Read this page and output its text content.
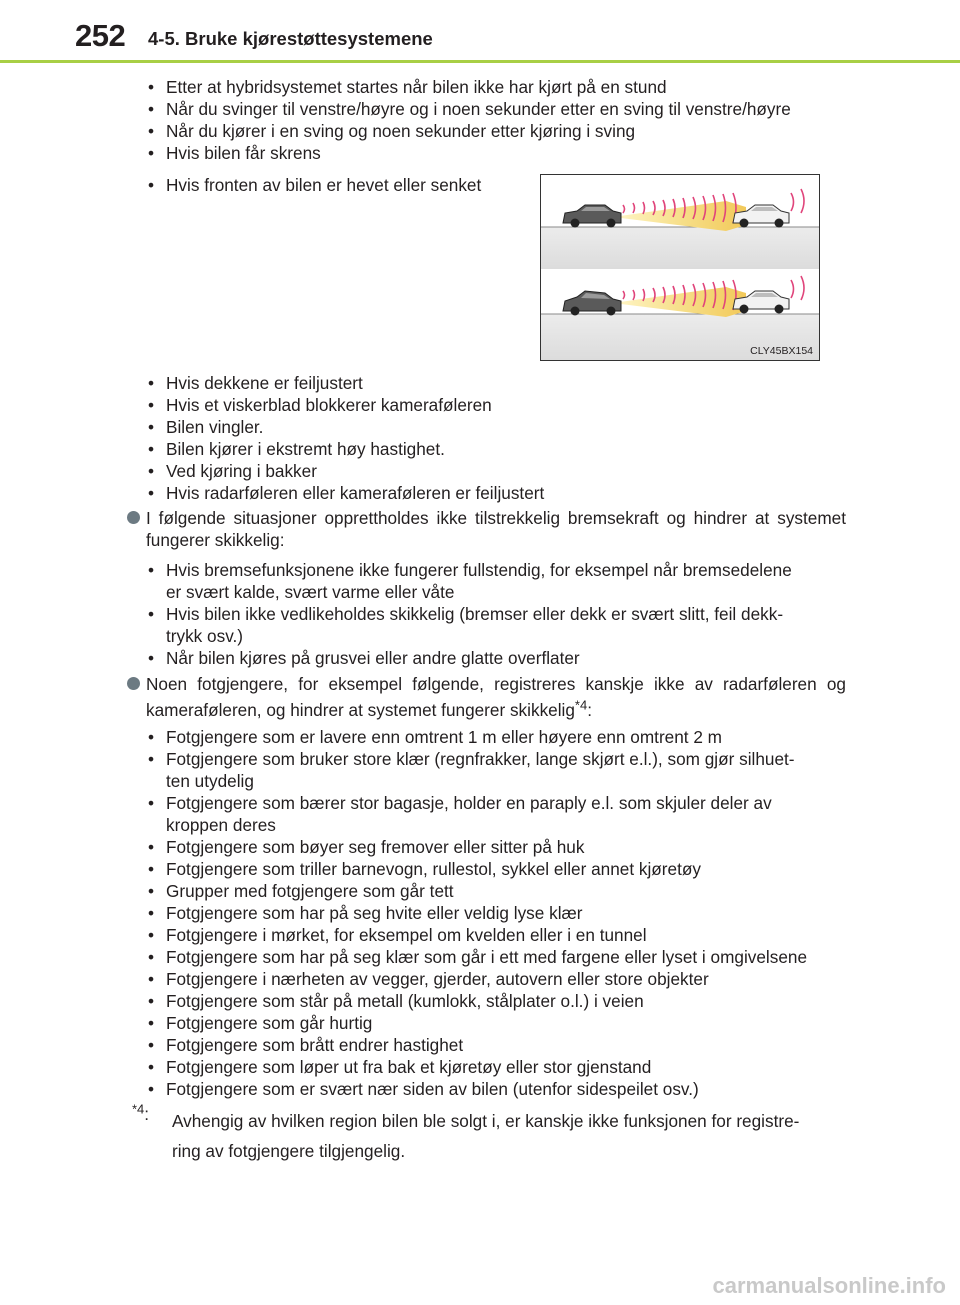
252 4-5. Bruke kjørestøttesystemene
• Etter at hybridsystemet startes når bilen ikke har kjørt på en stund
• Når du svinger til venstre/høyre og i noen sekunder etter en sving til venstre/høyre
• Når du kjører i en sving og noen sekunder etter kjøring i sving
• Hvis bilen får skrens
• Hvis fronten av bilen er hevet eller senket
CLY45BX154
• Hvis dekkene er feiljustert
• Hvis et viskerblad blokkerer kameraføleren
• Bilen vingler.
• Bilen kjører i ekstremt høy hastighet.
• Ved kjøring i bakker
• Hvis radarføleren eller kameraføleren er feiljustert
I følgende situasjoner opprettholdes ikke tilstrekkelig bremsekraft og hindrer at systemet fungerer skikkelig:
• Hvis bremsefunksjonene ikke fungerer fullstendig, for eksempel når bremsedelene
er svært kalde, svært varme eller våte
• Hvis bilen ikke vedlikeholdes skikkelig (bremser eller dekk er svært slitt, feil dekk-
trykk osv.)
• Når bilen kjøres på grusvei eller andre glatte overflater
Noen fotgjengere, for eksempel følgende, registreres kanskje ikke av radarføleren og kameraføleren, og hindrer at systemet fungerer skikkelig$^{*4}$:
• Fotgjengere som er lavere enn omtrent 1 m eller høyere enn omtrent 2 m
• Fotgjengere som bruker store klær (regnfrakker, lange skjørt e.l.), som gjør silhuet-
ten utydelig
• Fotgjengere som bærer stor bagasje, holder en paraply e.l. som skjuler deler av
kroppen deres
• Fotgjengere som bøyer seg fremover eller sitter på huk
• Fotgjengere som triller barnevogn, rullestol, sykkel eller annet kjøretøy
• Grupper med fotgjengere som går tett
• Fotgjengere som har på seg hvite eller veldig lyse klær
• Fotgjengere i mørket, for eksempel om kvelden eller i en tunnel
• Fotgjengere som har på seg klær som går i ett med fargene eller lyset i omgivelsene
• Fotgjengere i nærheten av vegger, gjerder, autovern eller store objekter
• Fotgjengere som står på metall (kumlokk, stålplater o.l.) i veien
• Fotgjengere som går hurtig
• Fotgjengere som brått endrer hastighet
• Fotgjengere som løper ut fra bak et kjøretøy eller stor gjenstand
• Fotgjengere som er svært nær siden av bilen (utenfor sidespeilet osv.)
$^{*4}$: Avhengig av hvilken region bilen ble solgt i, er kanskje ikke funksjonen for registre-
ring av fotgjengere tilgjengelig.
carmanualsonline.info
